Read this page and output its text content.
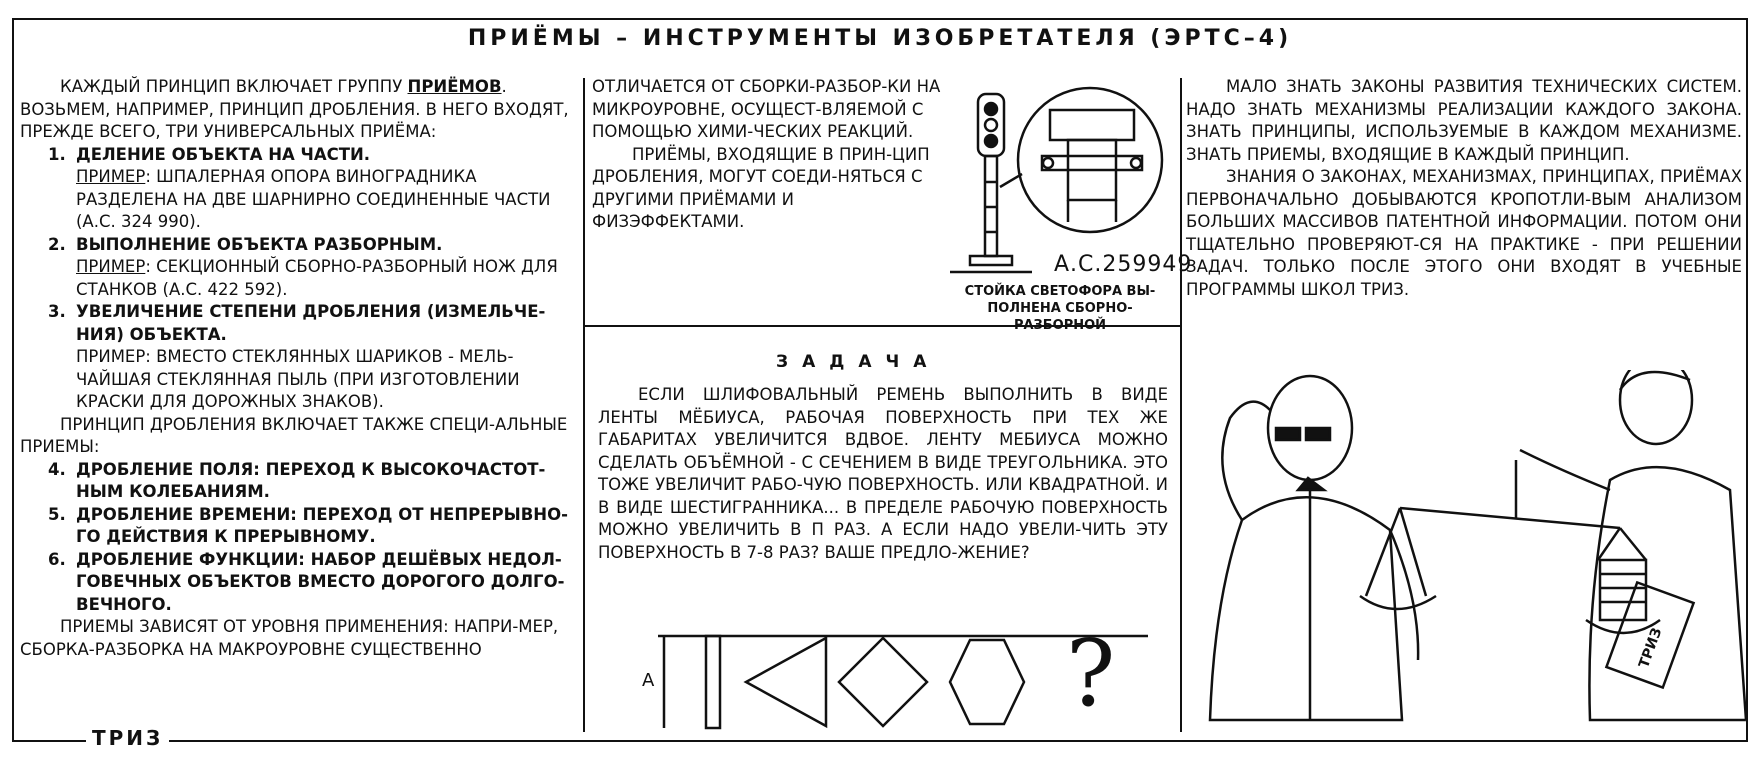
ПРИЁМЫ – ИНСТРУМЕНТЫ ИЗОБРЕТАТЕЛЯ (ЭРТС–4)

КАЖДЫЙ ПРИНЦИП ВКЛЮЧАЕТ ГРУППУ ПРИЁМОВ. ВОЗЬМЕМ, НАПРИМЕР, ПРИНЦИП ДРОБЛЕНИЯ. В НЕГО ВХОДЯТ, ПРЕЖДЕ ВСЕГО, ТРИ УНИВЕРСАЛЬНЫХ ПРИЁМА:

1. ДЕЛЕНИЕ ОБЪЕКТА НА ЧАСТИ.

ПРИМЕР: ШПАЛЕРНАЯ ОПОРА ВИНОГРАДНИКА РАЗДЕЛЕНА НА ДВЕ ШАРНИРНО СОЕДИНЕННЫЕ ЧАСТИ (А.С. 324 990).

2. ВЫПОЛНЕНИЕ ОБЪЕКТА РАЗБОРНЫМ.

ПРИМЕР: СЕКЦИОННЫЙ СБОРНО-РАЗБОРНЫЙ НОЖ ДЛЯ СТАНКОВ (А.С. 422 592).

3. УВЕЛИЧЕНИЕ СТЕПЕНИ ДРОБЛЕНИЯ (ИЗМЕЛЬЧЕ-НИЯ) ОБЪЕКТА.

ПРИМЕР: ВМЕСТО СТЕКЛЯННЫХ ШАРИКОВ - МЕЛЬ-ЧАЙШАЯ СТЕКЛЯННАЯ ПЫЛЬ (ПРИ ИЗГОТОВЛЕНИИ КРАСКИ ДЛЯ ДОРОЖНЫХ ЗНАКОВ).

ПРИНЦИП ДРОБЛЕНИЯ ВКЛЮЧАЕТ ТАКЖЕ СПЕЦИ-АЛЬНЫЕ ПРИЕМЫ:

4. ДРОБЛЕНИЕ ПОЛЯ: ПЕРЕХОД К ВЫСОКОЧАСТОТ-НЫМ КОЛЕБАНИЯМ.

5. ДРОБЛЕНИЕ ВРЕМЕНИ: ПЕРЕХОД ОТ НЕПРЕРЫВНО-ГО ДЕЙСТВИЯ К ПРЕРЫВНОМУ.

6. ДРОБЛЕНИЕ ФУНКЦИИ: НАБОР ДЕШЁВЫХ НЕДОЛ-ГОВЕЧНЫХ ОБЪЕКТОВ ВМЕСТО ДОРОГОГО ДОЛГО-ВЕЧНОГО.

ПРИЕМЫ ЗАВИСЯТ ОТ УРОВНЯ ПРИМЕНЕНИЯ: НАПРИ-МЕР, СБОРКА-РАЗБОРКА НА МАКРОУРОВНЕ СУЩЕСТВЕННО

ОТЛИЧАЕТСЯ ОТ СБОРКИ-РАЗБОР-КИ НА МИКРОУРОВНЕ, ОСУЩЕСТ-ВЛЯЕМОЙ С ПОМОЩЬЮ ХИМИ-ЧЕСКИХ РЕАКЦИЙ.

ПРИЁМЫ, ВХОДЯЩИЕ В ПРИН-ЦИП ДРОБЛЕНИЯ, МОГУТ СОЕДИ-НЯТЬСЯ С ДРУГИМИ ПРИЁМАМИ И ФИЗЭФФЕКТАМИ.

А.С.259949
СТОЙКА СВЕТОФОРА ВЫ-ПОЛНЕНА СБОРНО-РАЗБОРНОЙ
ЗАДАЧА

ЕСЛИ ШЛИФОВАЛЬНЫЙ РЕМЕНЬ ВЫПОЛНИТЬ В ВИДЕ ЛЕНТЫ МЁБИУСА, РАБОЧАЯ ПОВЕРХНОСТЬ ПРИ ТЕХ ЖЕ ГАБАРИТАХ УВЕЛИЧИТСЯ ВДВОЕ. ЛЕНТУ МЕБИУСА МОЖНО СДЕЛАТЬ ОБЪЁМНОЙ - С СЕЧЕНИЕМ В ВИДЕ ТРЕУГОЛЬНИКА. ЭТО ТОЖЕ УВЕЛИЧИТ РАБО-ЧУЮ ПОВЕРХНОСТЬ. ИЛИ КВАДРАТНОЙ. И В ВИДЕ ШЕСТИГРАННИКА... В ПРЕДЕЛЕ РАБОЧУЮ ПОВЕРХНОСТЬ МОЖНО УВЕЛИЧИТЬ В Π РАЗ. А ЕСЛИ НАДО УВЕЛИ-ЧИТЬ ЭТУ ПОВЕРХНОСТЬ В 7-8 РАЗ? ВАШЕ ПРЕДЛО-ЖЕНИЕ?

А	?

МАЛО ЗНАТЬ ЗАКОНЫ РАЗВИТИЯ ТЕХНИЧЕСКИХ СИСТЕМ. НАДО ЗНАТЬ МЕХАНИЗМЫ РЕАЛИЗАЦИИ КАЖДОГО ЗАКОНА. ЗНАТЬ ПРИНЦИПЫ, ИСПОЛЬЗУЕМЫЕ В КАЖДОМ МЕХАНИЗМЕ. ЗНАТЬ ПРИЕМЫ, ВХОДЯЩИЕ В КАЖДЫЙ ПРИНЦИП.

ЗНАНИЯ О ЗАКОНАХ, МЕХАНИЗМАХ, ПРИНЦИПАХ, ПРИЁМАХ ПЕРВОНАЧАЛЬНО ДОБЫВАЮТСЯ КРОПОТЛИ-ВЫМ АНАЛИЗОМ БОЛЬШИХ МАССИВОВ ПАТЕНТНОЙ ИНФОРМАЦИИ. ПОТОМ ОНИ ТЩАТЕЛЬНО ПРОВЕРЯЮТ-СЯ НА ПРАКТИКЕ - ПРИ РЕШЕНИИ ЗАДАЧ. ТОЛЬКО ПОСЛЕ ЭТОГО ОНИ ВХОДЯТ В УЧЕБНЫЕ ПРОГРАММЫ ШКОЛ ТРИЗ.

ТРИЗ
ТРИЗ
